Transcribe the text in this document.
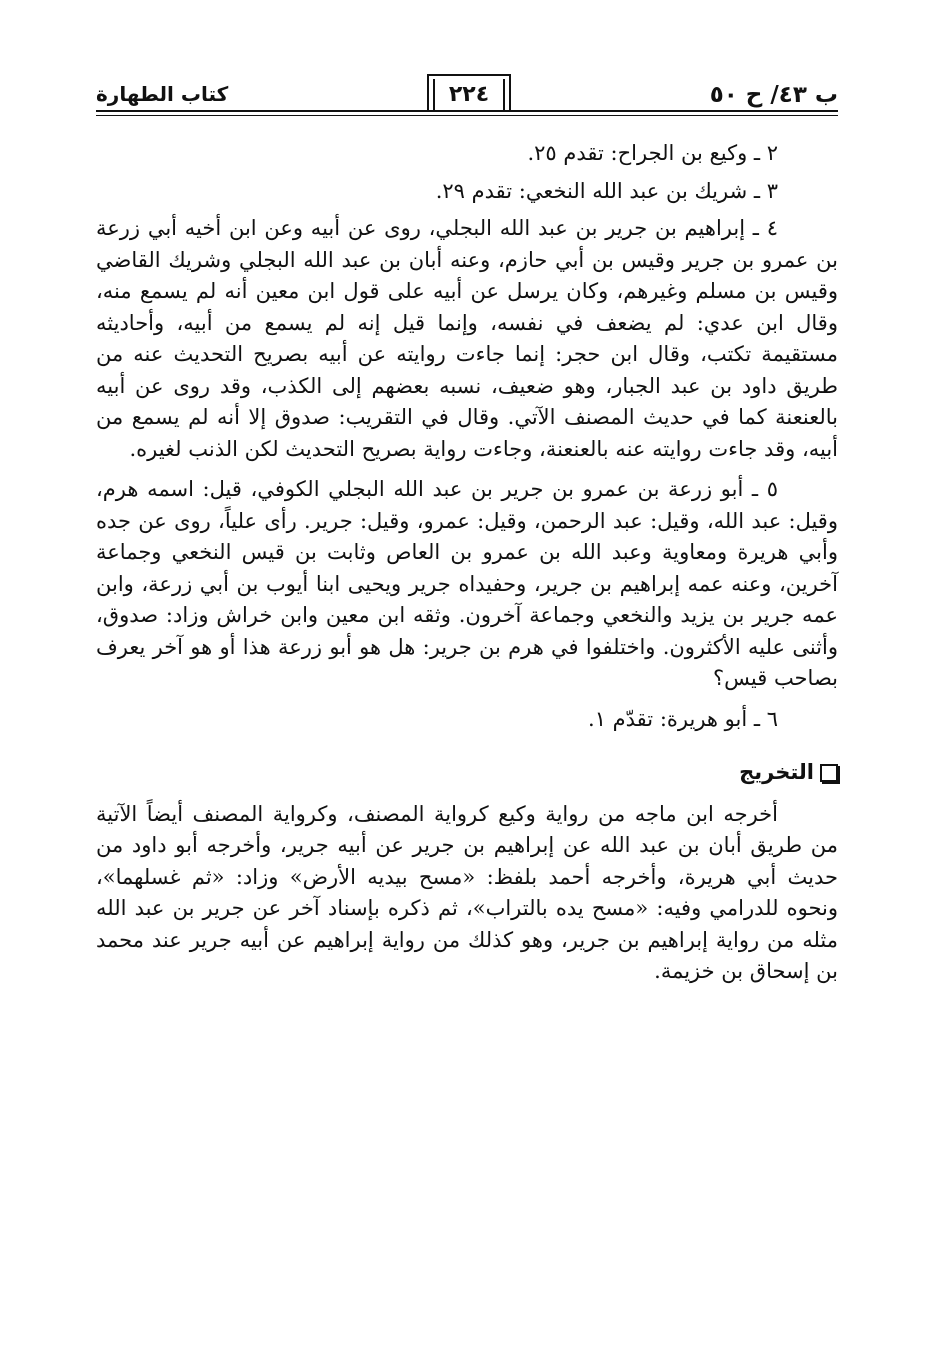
ب ٤٣/ ح ٥٠
٢٢٤
كتاب الطهارة

٢ ـ وكيع بن الجراح: تقدم ٢٥.

٣ ـ شريك بن عبد الله النخعي: تقدم ٢٩.

٤ ـ إبراهيم بن جرير بن عبد الله البجلي، روى عن أبيه وعن ابن أخيه أبي زرعة بن عمرو بن جرير وقيس بن أبي حازم، وعنه أبان بن عبد الله البجلي وشريك القاضي وقيس بن مسلم وغيرهم، وكان يرسل عن أبيه على قول ابن معين أنه لم يسمع منه، وقال ابن عدي: لم يضعف في نفسه، وإنما قيل إنه لم يسمع من أبيه، وأحاديثه مستقيمة تكتب، وقال ابن حجر: إنما جاءت روايته عن أبيه بصريح التحديث عنه من طريق داود بن عبد الجبار، وهو ضعيف، نسبه بعضهم إلى الكذب، وقد روى عن أبيه بالعنعنة كما في حديث المصنف الآتي. وقال في التقريب: صدوق إلا أنه لم يسمع من أبيه، وقد جاءت روايته عنه بالعنعنة، وجاءت رواية بصريح التحديث لكن الذنب لغيره.

٥ ـ أبو زرعة بن عمرو بن جرير بن عبد الله البجلي الكوفي، قيل: اسمه هرم، وقيل: عبد الله، وقيل: عبد الرحمن، وقيل: عمرو، وقيل: جرير. رأى علياً، روى عن جده وأبي هريرة ومعاوية وعبد الله بن عمرو بن العاص وثابت بن قيس النخعي وجماعة آخرين، وعنه عمه إبراهيم بن جرير، وحفيداه جرير ويحيى ابنا أيوب بن أبي زرعة، وابن عمه جرير بن يزيد والنخعي وجماعة آخرون. وثقه ابن معين وابن خراش وزاد: صدوق، وأثنى عليه الأكثرون. واختلفوا في هرم بن جرير: هل هو أبو زرعة هذا أو هو آخر يعرف بصاحب قيس؟

٦ ـ أبو هريرة: تقدّم ١.

التخريج

أخرجه ابن ماجه من رواية وكيع كرواية المصنف، وكرواية المصنف أيضاً الآتية من طريق أبان بن عبد الله عن إبراهيم بن جرير عن أبيه جرير، وأخرجه أبو داود من حديث أبي هريرة، وأخرجه أحمد بلفظ: «مسح بيديه الأرض» وزاد: «ثم غسلهما»، ونحوه للدرامي وفيه: «مسح يده بالتراب»، ثم ذكره بإسناد آخر عن جرير بن عبد الله مثله من رواية إبراهيم بن جرير، وهو كذلك من رواية إبراهيم عن أبيه جرير عند محمد بن إسحاق بن خزيمة.
